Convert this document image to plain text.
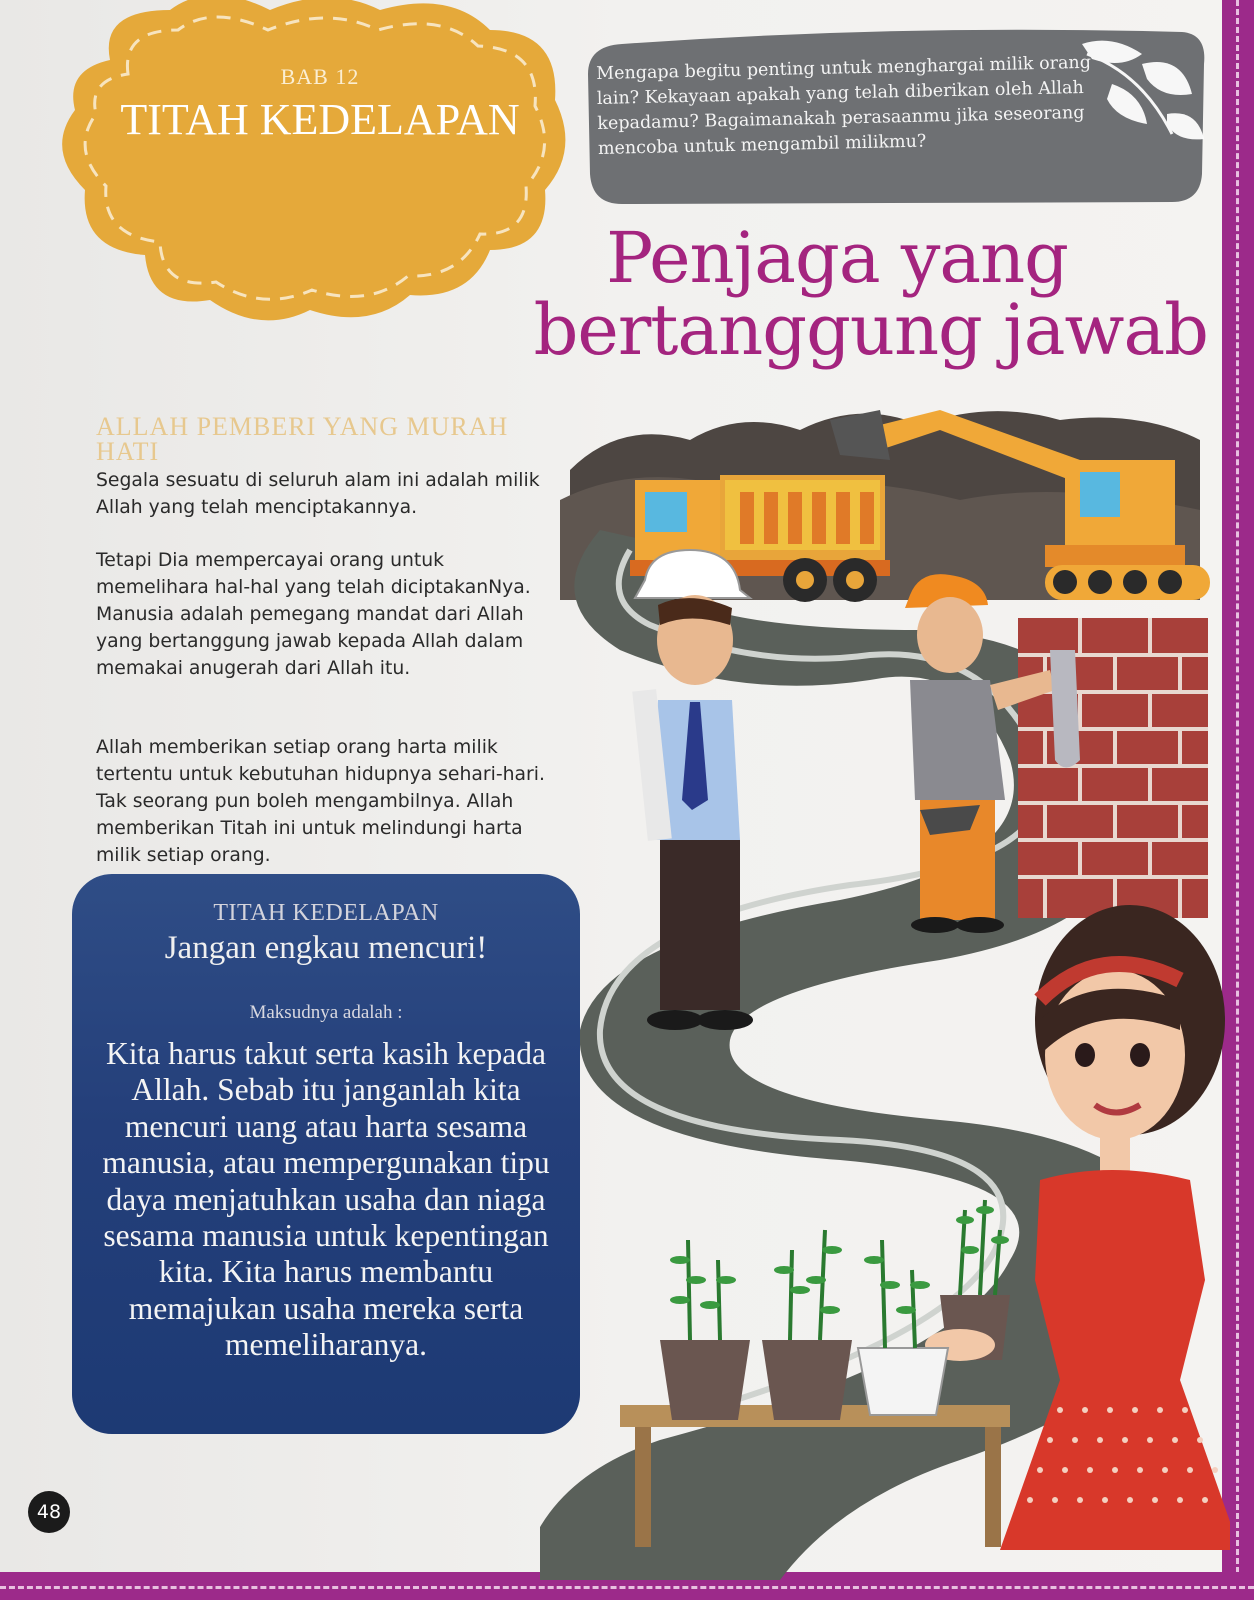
BAB 12
TITAH KEDELAPAN
Mengapa begitu penting untuk menghargai milik orang lain? Kekayaan apakah yang telah diberikan oleh Allah kepadamu? Bagaimanakah perasaanmu jika seseorang mencoba untuk mengambil milikmu?
Penjaga yang
bertanggung jawab
ALLAH PEMBERI YANG MURAH HATI
Segala sesuatu di seluruh alam ini adalah milik Allah yang telah menciptakannya.
Tetapi Dia mempercayai orang untuk memelihara hal-hal yang telah diciptakanNya. Manusia adalah pemegang mandat dari Allah yang bertanggung jawab kepada Allah dalam memakai anugerah dari Allah itu.
Allah memberikan setiap orang harta milik tertentu untuk kebutuhan hidupnya sehari-hari. Tak seorang pun boleh mengambilnya. Allah memberikan Titah ini untuk melindungi harta milik setiap orang.
TITAH KEDELAPAN
Jangan engkau mencuri!
Maksudnya adalah :
Kita harus takut serta kasih kepada Allah. Sebab itu janganlah kita mencuri uang atau harta sesama manusia, atau mempergunakan tipu daya menjatuhkan usaha dan niaga sesama manusia untuk kepentingan kita. Kita harus membantu memajukan usaha mereka serta memeliharanya.
48
